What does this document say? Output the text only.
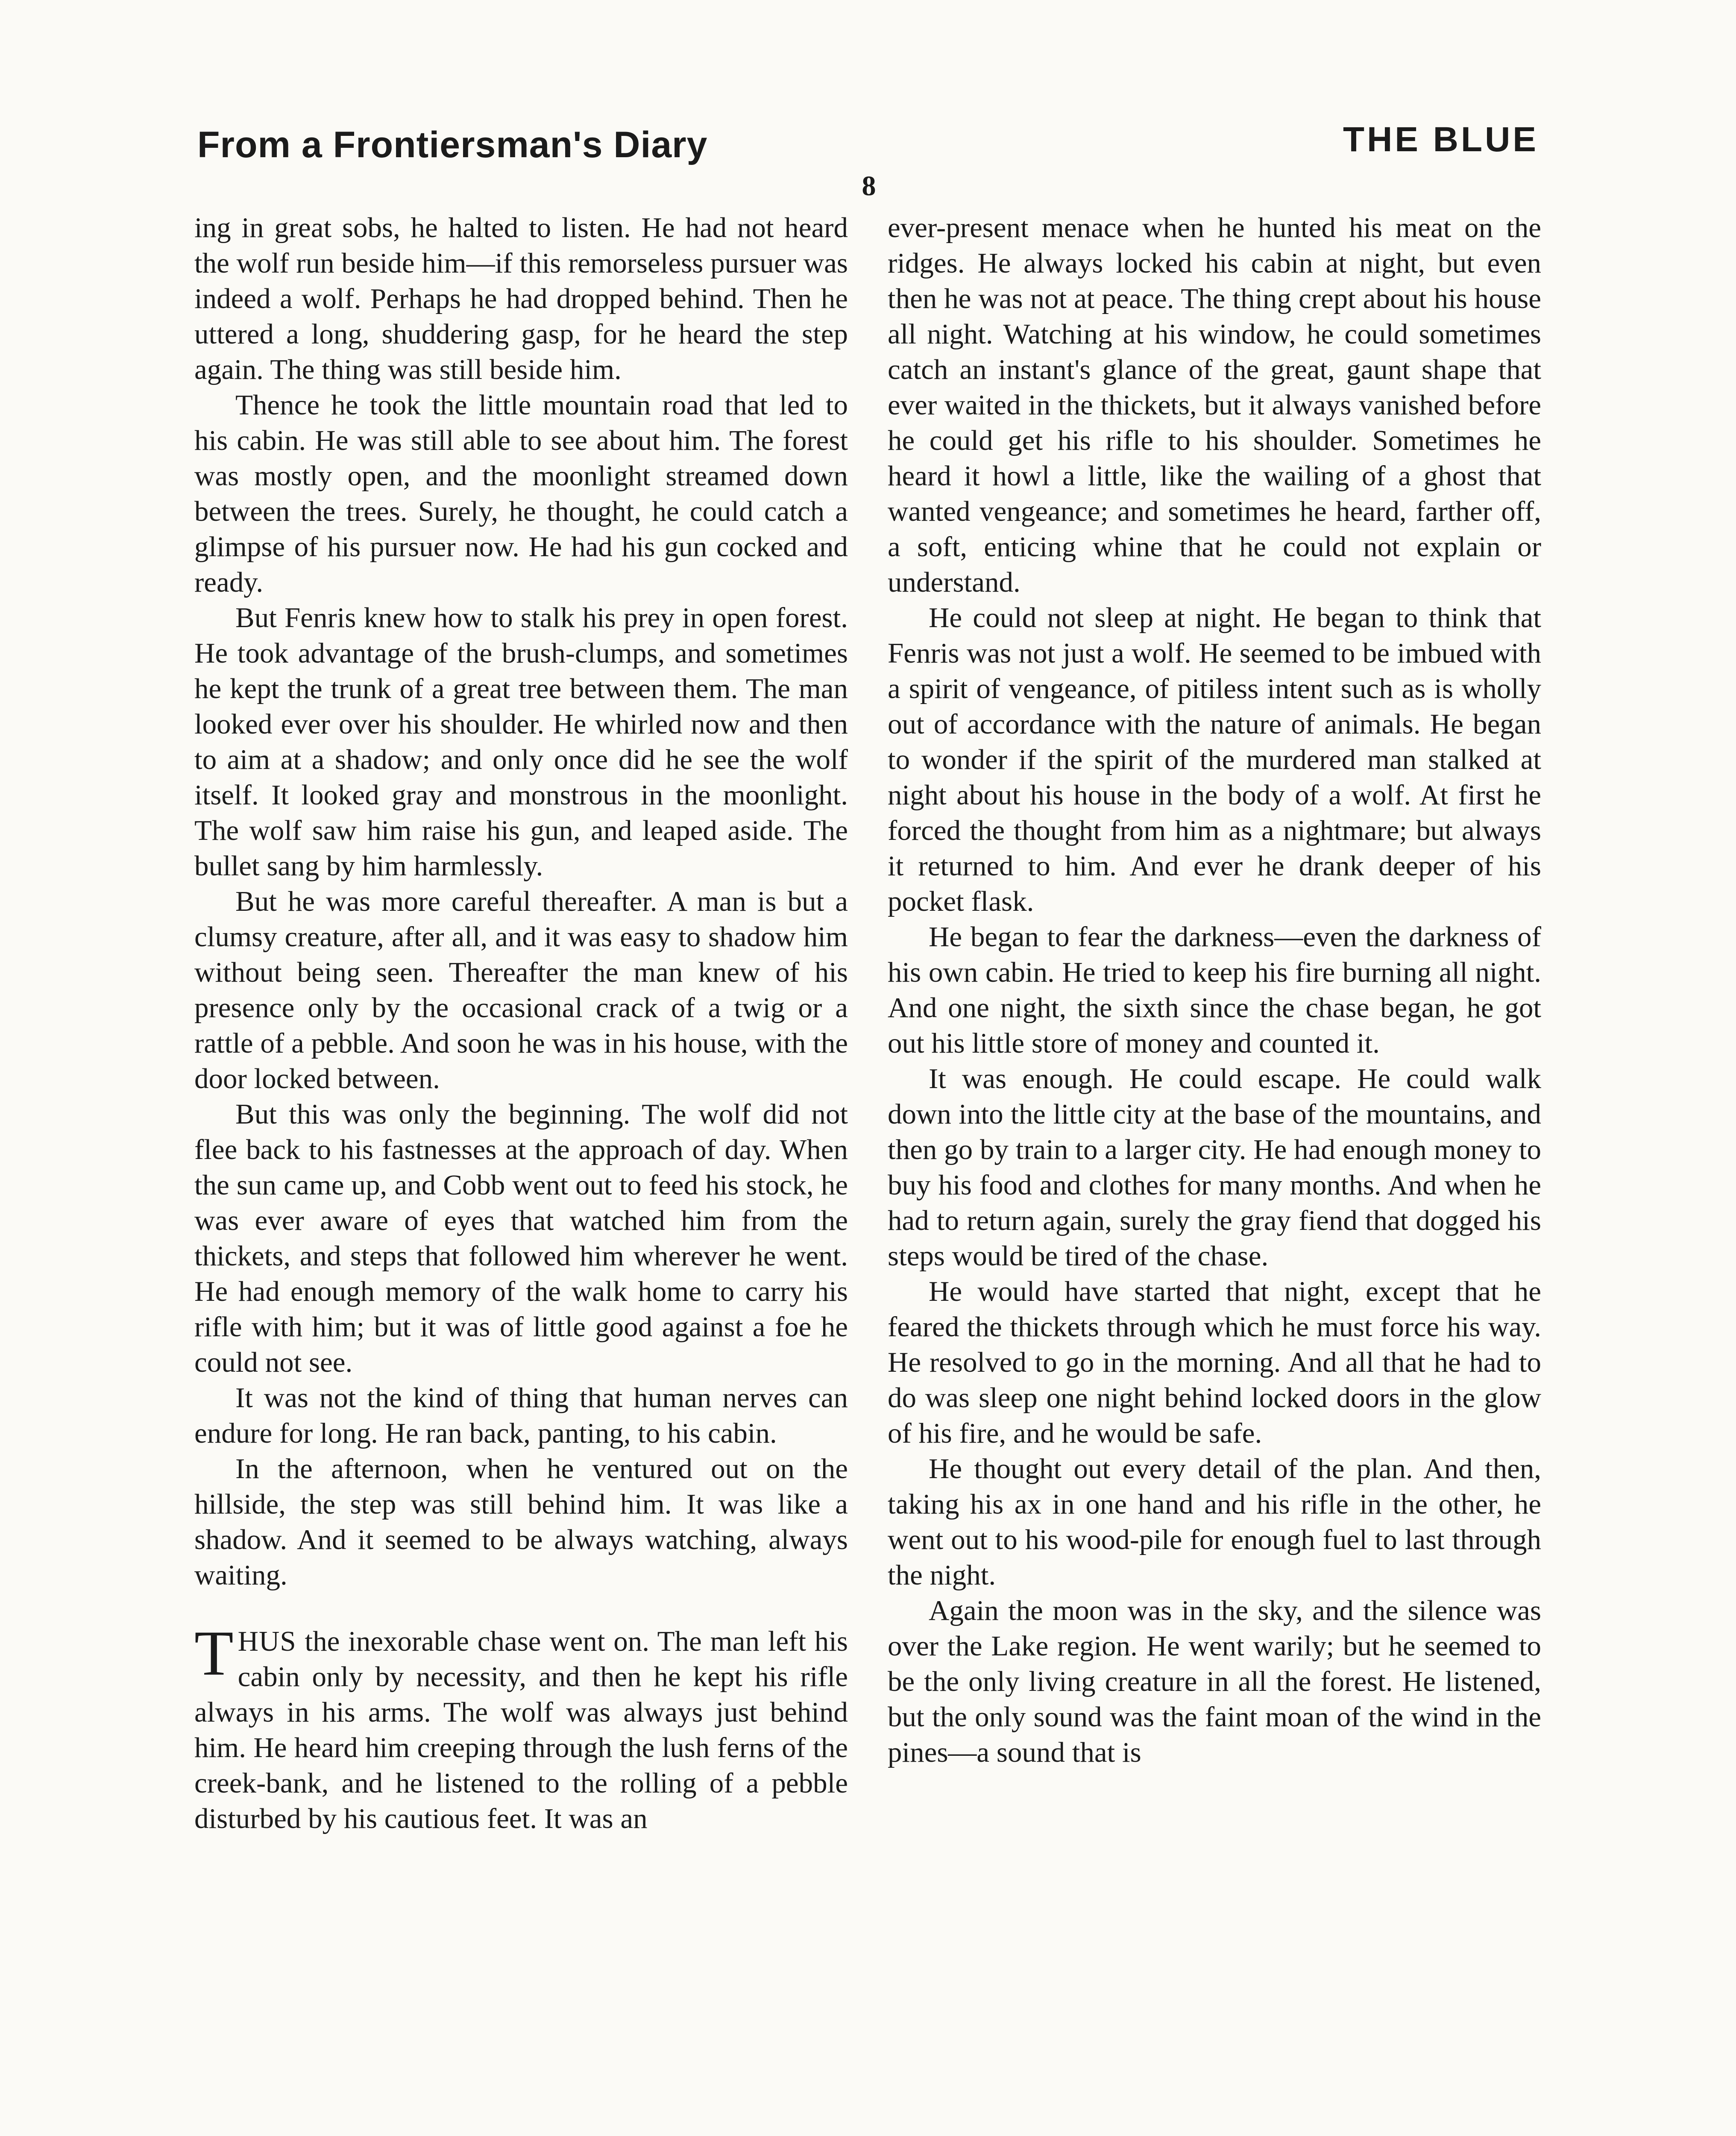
From a Frontiersman's Diary	THE BLUE
8

ing in great sobs, he halted to listen. He had not heard the wolf run beside him—if this remorseless pursuer was indeed a wolf. Perhaps he had dropped behind. Then he uttered a long, shuddering gasp, for he heard the step again. The thing was still beside him.

Thence he took the little mountain road that led to his cabin. He was still able to see about him. The forest was mostly open, and the moonlight streamed down between the trees. Surely, he thought, he could catch a glimpse of his pursuer now. He had his gun cocked and ready.

But Fenris knew how to stalk his prey in open forest. He took advantage of the brush-clumps, and sometimes he kept the trunk of a great tree between them. The man looked ever over his shoulder. He whirled now and then to aim at a shadow; and only once did he see the wolf itself. It looked gray and monstrous in the moonlight. The wolf saw him raise his gun, and leaped aside. The bullet sang by him harmlessly.

But he was more careful thereafter. A man is but a clumsy creature, after all, and it was easy to shadow him without being seen. Thereafter the man knew of his presence only by the occasional crack of a twig or a rattle of a pebble. And soon he was in his house, with the door locked between.

But this was only the beginning. The wolf did not flee back to his fastnesses at the approach of day. When the sun came up, and Cobb went out to feed his stock, he was ever aware of eyes that watched him from the thickets, and steps that followed him wherever he went. He had enough memory of the walk home to carry his rifle with him; but it was of little good against a foe he could not see.

It was not the kind of thing that human nerves can endure for long. He ran back, panting, to his cabin.

In the afternoon, when he ventured out on the hillside, the step was still behind him. It was like a shadow. And it seemed to be always watching, always waiting.

THUS the inexorable chase went on. The man left his cabin only by necessity, and then he kept his rifle always in his arms. The wolf was always just behind him. He heard him creeping through the lush ferns of the creek-bank, and he listened to the rolling of a pebble disturbed by his cautious feet. It was an

ever-present menace when he hunted his meat on the ridges. He always locked his cabin at night, but even then he was not at peace. The thing crept about his house all night. Watching at his window, he could sometimes catch an instant's glance of the great, gaunt shape that ever waited in the thickets, but it always vanished before he could get his rifle to his shoulder. Sometimes he heard it howl a little, like the wailing of a ghost that wanted vengeance; and sometimes he heard, farther off, a soft, enticing whine that he could not explain or understand.

He could not sleep at night. He began to think that Fenris was not just a wolf. He seemed to be imbued with a spirit of vengeance, of pitiless intent such as is wholly out of accordance with the nature of animals. He began to wonder if the spirit of the murdered man stalked at night about his house in the body of a wolf. At first he forced the thought from him as a nightmare; but always it returned to him. And ever he drank deeper of his pocket flask.

He began to fear the darkness—even the darkness of his own cabin. He tried to keep his fire burning all night. And one night, the sixth since the chase began, he got out his little store of money and counted it.

It was enough. He could escape. He could walk down into the little city at the base of the mountains, and then go by train to a larger city. He had enough money to buy his food and clothes for many months. And when he had to return again, surely the gray fiend that dogged his steps would be tired of the chase.

He would have started that night, except that he feared the thickets through which he must force his way. He resolved to go in the morning. And all that he had to do was sleep one night behind locked doors in the glow of his fire, and he would be safe.

He thought out every detail of the plan. And then, taking his ax in one hand and his rifle in the other, he went out to his wood-pile for enough fuel to last through the night.

Again the moon was in the sky, and the silence was over the Lake region. He went warily; but he seemed to be the only living creature in all the forest. He listened, but the only sound was the faint moan of the wind in the pines—a sound that is
